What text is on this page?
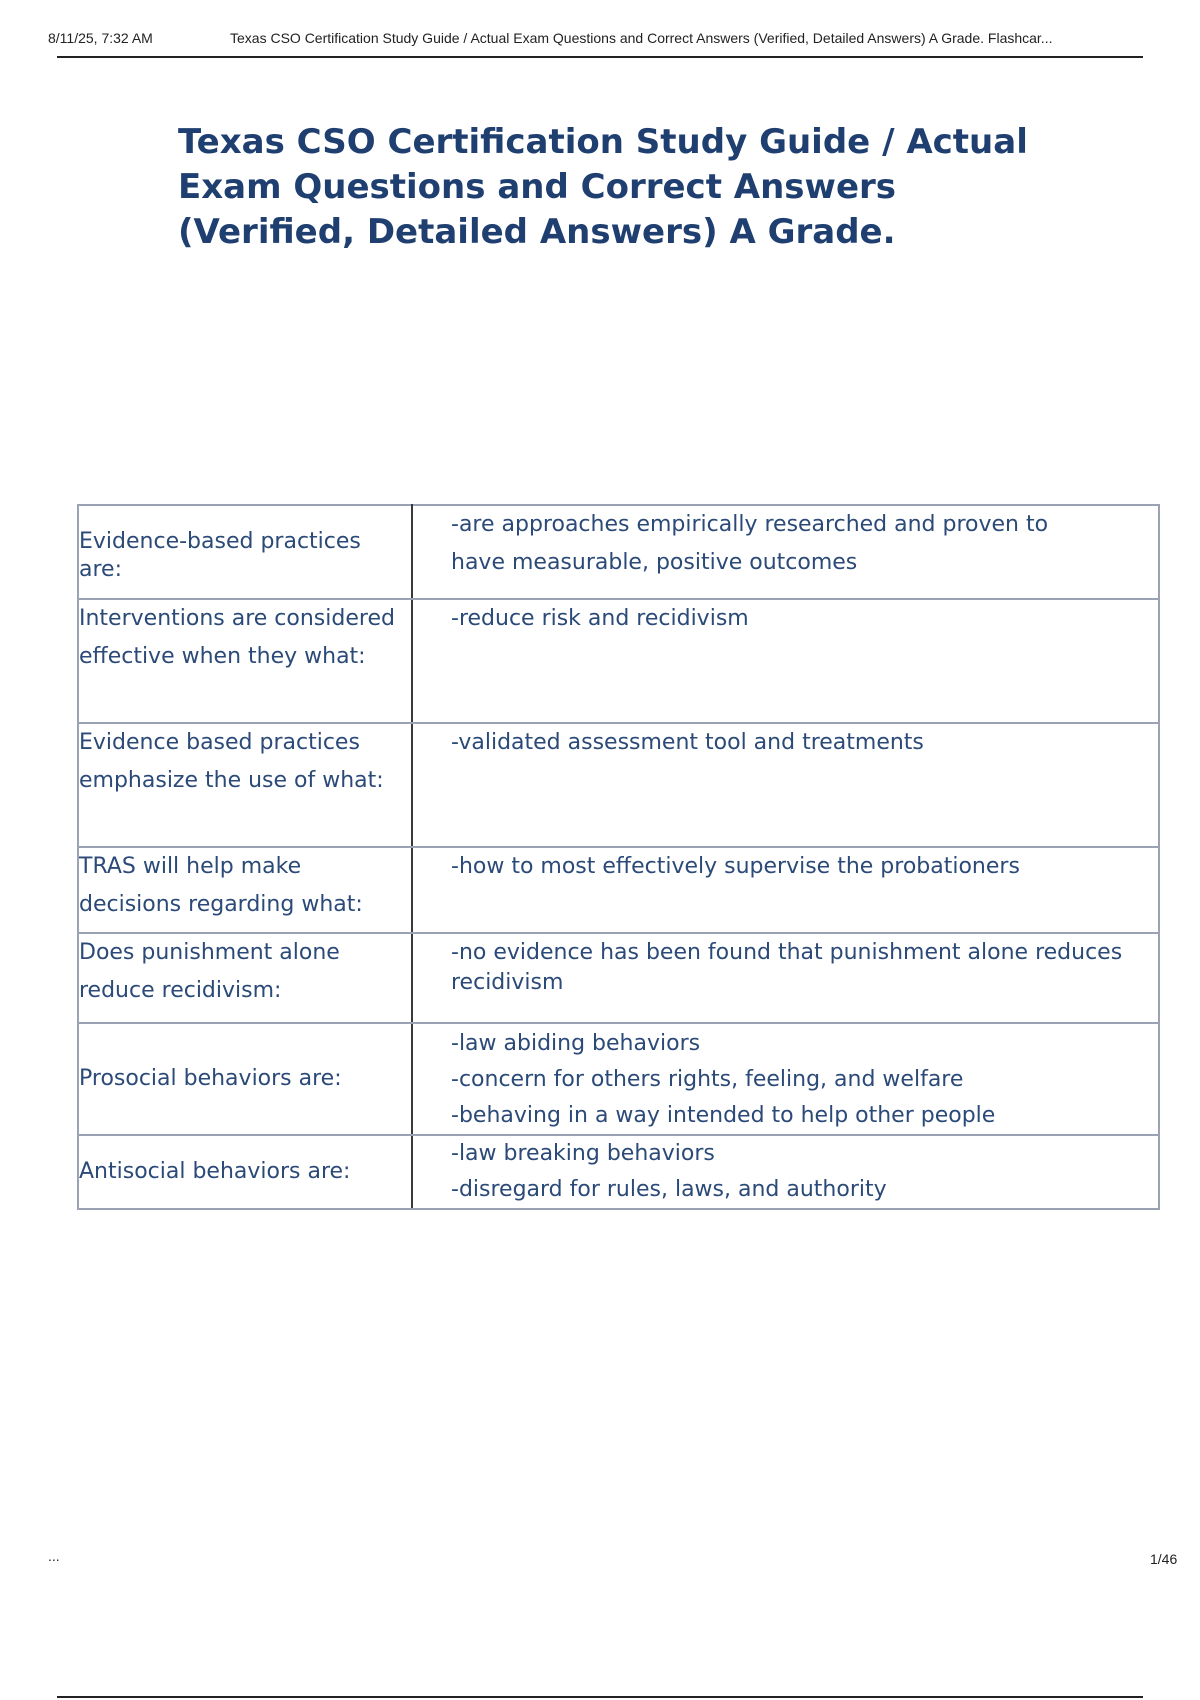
8/11/25, 7:32 AM	Texas CSO Certification Study Guide / Actual Exam Questions and Correct Answers (Verified, Detailed Answers) A Grade. Flashcar...
Texas CSO Certification Study Guide / Actual Exam Questions and Correct Answers (Verified, Detailed Answers) A Grade.
Evidence-based practices are:	-are approaches empirically researched and proven to
have measurable, positive outcomes

Interventions are considered effective when they what:	-reduce risk and recidivism

Evidence based practices emphasize the use of what:	-validated assessment tool and treatments

TRAS will help make decisions regarding what:	-how to most effectively supervise the probationers

Does punishment alone reduce recidivism:	-no evidence has been found that punishment alone reduces recidivism

Prosocial behaviors are:	-law abiding behaviors
-concern for others rights, feeling, and welfare
-behaving in a way intended to help other people

Antisocial behaviors are:	-law breaking behaviors
-disregard for rules, laws, and authority
...	1/46
